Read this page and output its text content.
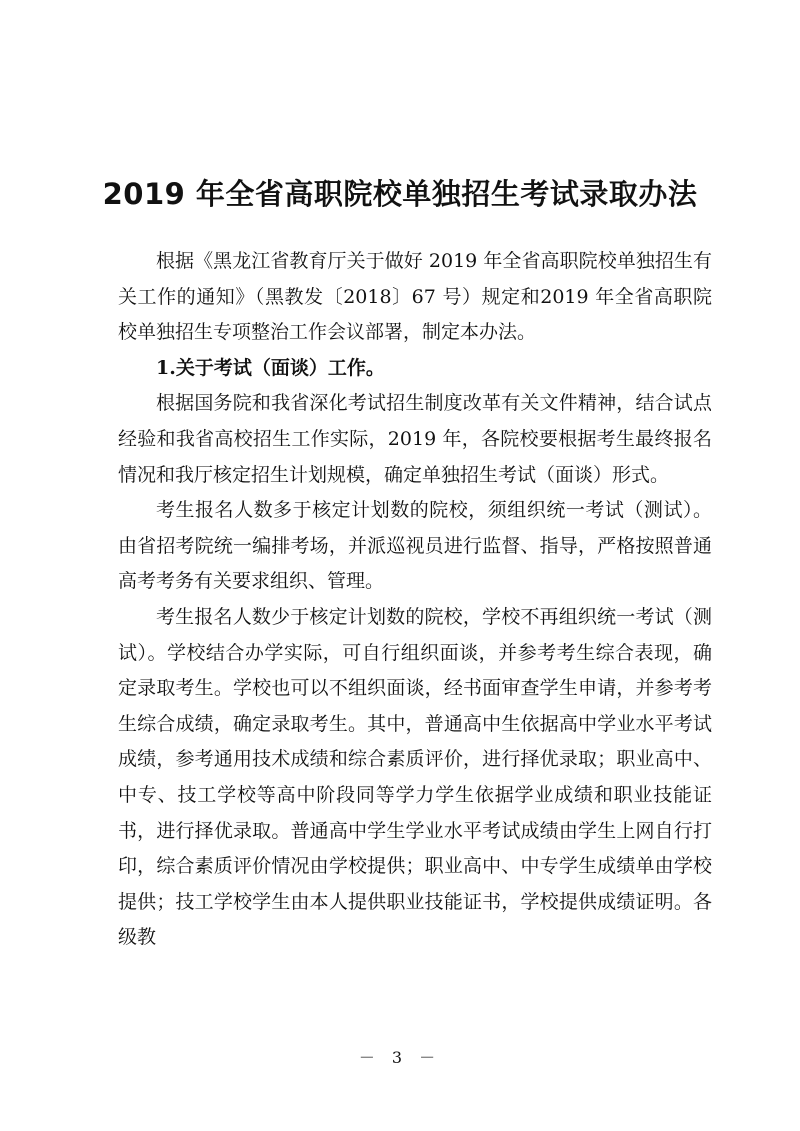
2019 年全省高职院校单独招生考试录取办法

根据《黑龙江省教育厅关于做好 2019 年全省高职院校单独招生有关工作的通知》（黑教发〔2018〕67 号）规定和2019 年全省高职院校单独招生专项整治工作会议部署，制定本办法。

1.关于考试（面谈）工作。

根据国务院和我省深化考试招生制度改革有关文件精神，结合试点经验和我省高校招生工作实际，2019 年，各院校要根据考生最终报名情况和我厅核定招生计划规模，确定单独招生考试（面谈）形式。

考生报名人数多于核定计划数的院校，须组织统一考试（测试）。由省招考院统一编排考场，并派巡视员进行监督、指导，严格按照普通高考考务有关要求组织、管理。

考生报名人数少于核定计划数的院校，学校不再组织统一考试（测试）。学校结合办学实际，可自行组织面谈，并参考考生综合表现，确定录取考生。学校也可以不组织面谈，经书面审查学生申请，并参考考生综合成绩，确定录取考生。其中，普通高中生依据高中学业水平考试成绩，参考通用技术成绩和综合素质评价，进行择优录取；职业高中、中专、技工学校等高中阶段同等学力学生依据学业成绩和职业技能证书，进行择优录取。普通高中学生学业水平考试成绩由学生上网自行打印，综合素质评价情况由学校提供；职业高中、中专学生成绩单由学校提供；技工学校学生由本人提供职业技能证书，学校提供成绩证明。各级教

－ 3 －
